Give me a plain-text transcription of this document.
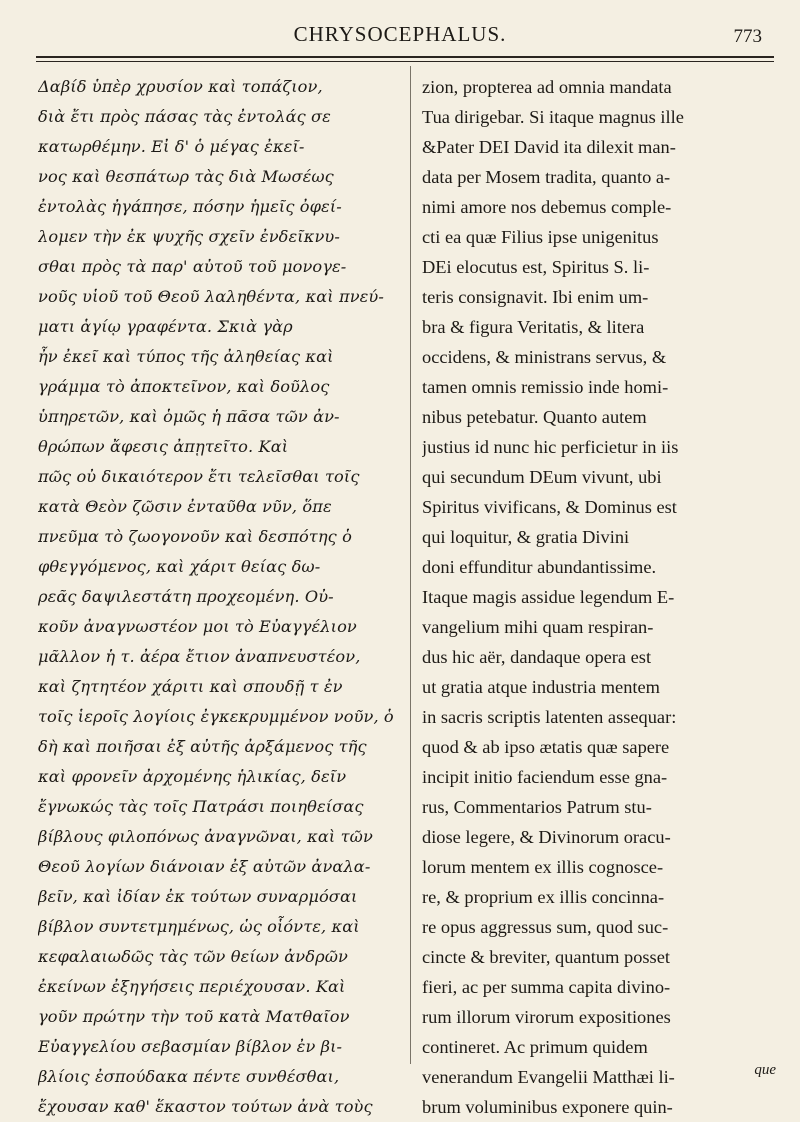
CHRYSOCEPHALUS.	773
Δαβίδ ὑπὲρ χρυσίον καὶ τοπάζιον,
διὰ ἔτι πρὸς πάσας τὰς ἐντολάς σε
κατωρθέμην. Εἰ δ' ὁ μέγας ἐκεῖ-
νος καὶ θεσπάτωρ τὰς διὰ Μωσέως
ἐντολὰς ἠγάπησε, πόσην ἡμεῖς ὀφεί-
λομεν τὴν ἐκ ψυχῆς σχεῖν ἐνδεῖκνυ-
σθαι πρὸς τὰ παρ' αὐτοῦ τοῦ μονογε-
νοῦς υἱοῦ τοῦ Θεοῦ λαληθέντα, καὶ πνεύ-
ματι ἁγίῳ γραφέντα. Σκιὰ γὰρ
ἦν ἐκεῖ καὶ τύπος τῆς ἀληθείας καὶ
γράμμα τὸ ἀποκτεῖνον, καὶ δοῦλος
ὑπηρετῶν, καὶ ὁμῶς ἡ πᾶσα τῶν ἀν-
θρώπων ἄφεσις ἀπῃτεῖτο. Καὶ
πῶς οὐ δικαιότερον ἔτι τελεῖσθαι τοῖς
κατὰ Θεὸν ζῶσιν ἐνταῦθα νῦν, ὅπε
πνεῦμα τὸ ζωογονοῦν καὶ δεσπότης ὁ
φθεγγόμενος, καὶ χάριτ θείας δω-
ρεᾶς δαψιλεστάτη προχεομένη. Οὐ-
κοῦν ἀναγνωστέον μοι τὸ Εὐαγγέλιον
μᾶλλον ἡ τ. ἀέρα ἔτιον ἀναπνευστέον,
καὶ ζητητέον χάριτι καὶ σπουδῇ τ ἐν
τοῖς ἱεροῖς λογίοις ἐγκεκρυμμένον νοῦν, ὁ
δὴ καὶ ποιῆσαι ἐξ αὐτῆς ἀρξάμενος τῆς
καὶ φρονεῖν ἀρχομένης ἡλικίας, δεῖν
ἔγνωκώς τὰς τοῖς Πατράσι ποιηθείσας
βίβλους φιλοπόνως ἀναγνῶναι, καὶ τῶν
Θεοῦ λογίων διάνοιαν ἐξ αὐτῶν ἀναλα-
βεῖν, καὶ ἰδίαν ἐκ τούτων συναρμόσαι
βίβλον συντετμημένως, ὡς οἷόντε, καὶ
κεφαλαιωδῶς τὰς τῶν θείων ἀνδρῶν
ἐκείνων ἐξηγήσεις περιέχουσαν. Καὶ
γοῦν πρώτην τὴν τοῦ κατὰ Ματθαῖον
Εὐαγγελίου σεβασμίαν βίβλον ἐν βι-
βλίοις ἐσπούδακα πέντε συνθέσθαι,
ἔχουσαν καθ' ἕκαστον τούτων ἀνὰ τοὺς
zion, propterea ad omnia mandata
Tua dirigebar. Si itaque magnus ille
&Pater DEI David ita dilexit man-
data per Mosem tradita, quanto a-
nimi amore nos debemus comple-
cti ea quæ Filius ipse unigenitus
DEi elocutus est, Spiritus S. li-
teris consignavit. Ibi enim um-
bra & figura Veritatis, & litera
occidens, & ministrans servus, &
tamen omnis remissio inde homi-
nibus petebatur. Quanto autem
justius id nunc hic perficietur in iis
qui secundum DEum vivunt, ubi
Spiritus vivificans, & Dominus est
qui loquitur, & gratia Divini
doni effunditur abundantissime.
Itaque magis assidue legendum E-
vangelium mihi quam respiran-
dus hic aër, dandaque opera est
ut gratia atque industria mentem
in sacris scriptis latenten assequar:
quod & ab ipso ætatis quæ sapere
incipit initio faciendum esse gna-
rus, Commentarios Patrum stu-
diose legere, & Divinorum oracu-
lorum mentem ex illis cognosce-
re, & proprium ex illis concinna-
re opus aggressus sum, quod suc-
cincte & breviter, quantum posset
fieri, ac per summa capita divino-
rum illorum virorum expositiones
contineret. Ac primum quidem
venerandum Evangelii Matthæi li-
brum voluminibus exponere quin-
que
